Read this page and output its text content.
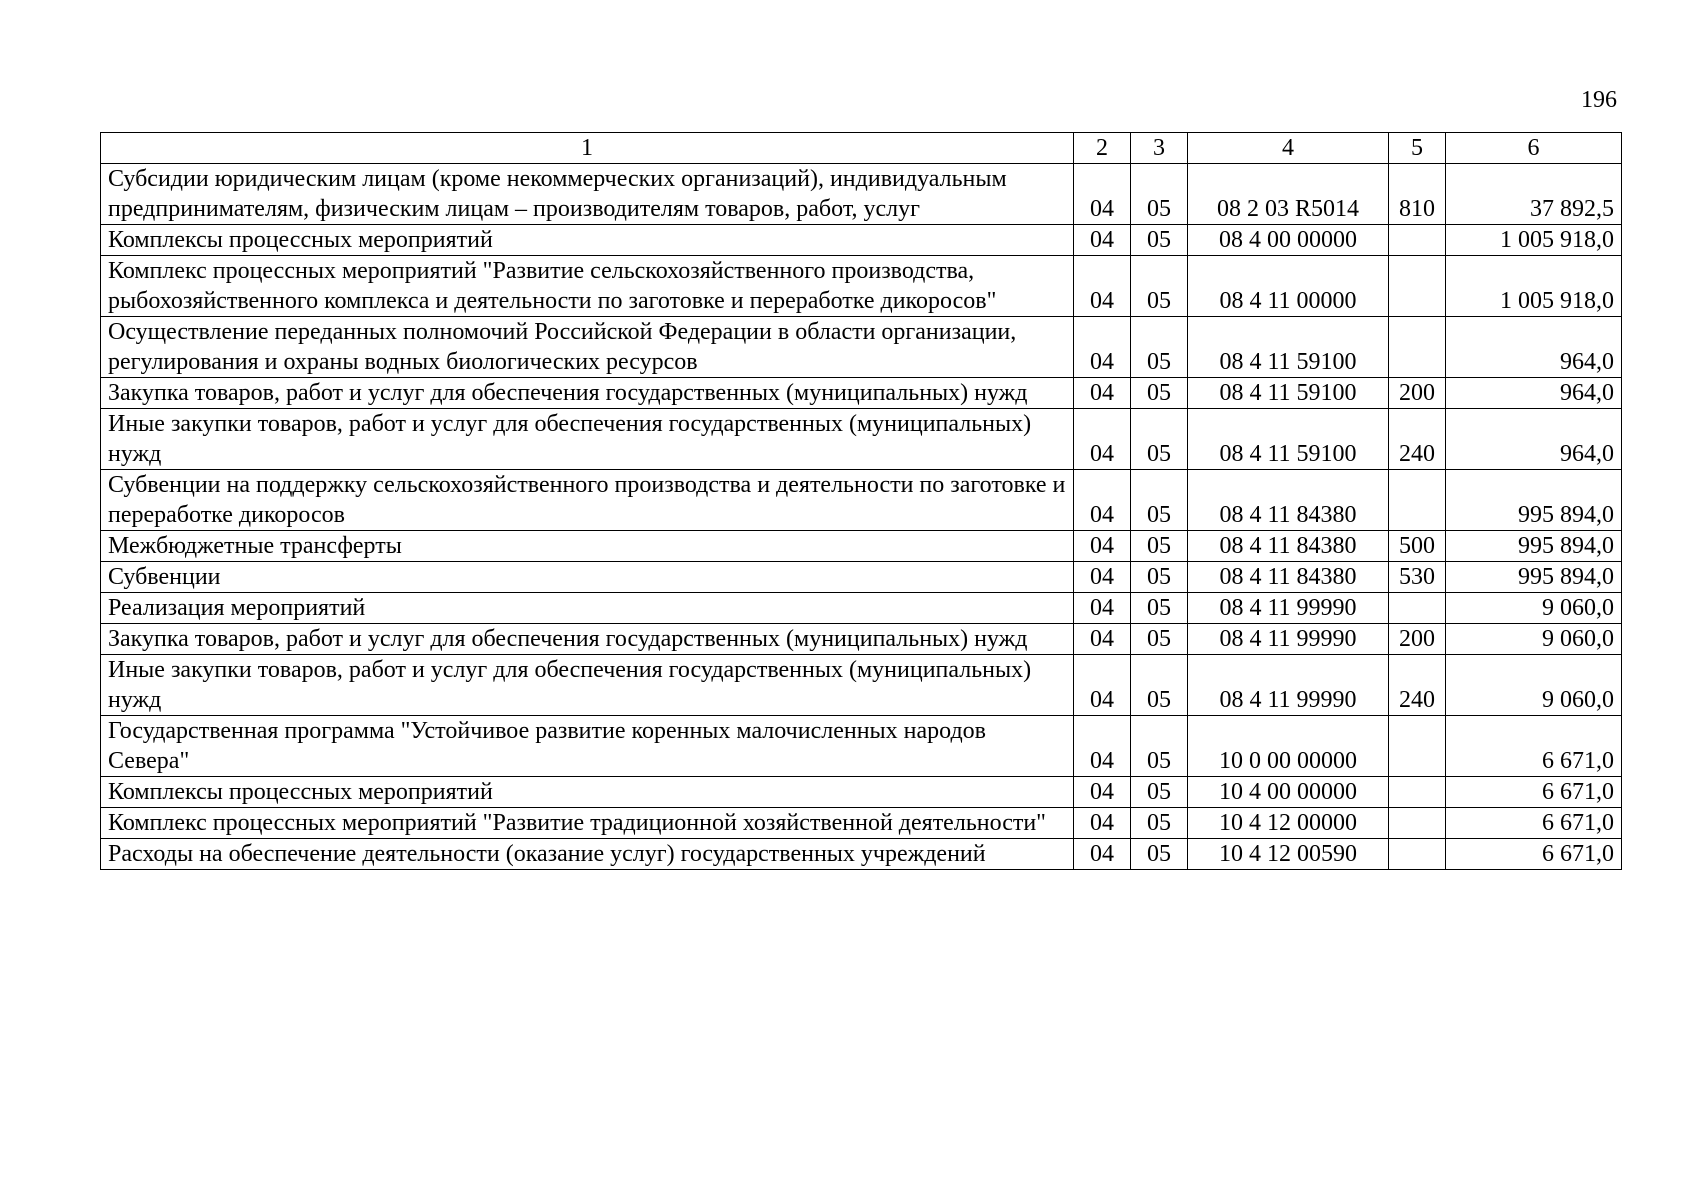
196
1	2	3	4	5	6
Субсидии юридическим лицам (кроме некоммерческих организаций), индивидуальным предпринимателям, физическим лицам – производителям товаров, работ, услуг	04	05	08 2 03 R5014	810	37 892,5
Комплексы процессных мероприятий	04	05	08 4 00 00000		1 005 918,0
Комплекс процессных мероприятий "Развитие сельскохозяйственного производства, рыбохозяйственного комплекса и деятельности по заготовке и переработке дикоросов"	04	05	08 4 11 00000		1 005 918,0
Осуществление переданных полномочий Российской Федерации в области организации, регулирования и охраны водных биологических ресурсов	04	05	08 4 11 59100		964,0
Закупка товаров, работ и услуг для обеспечения государственных (муниципальных) нужд	04	05	08 4 11 59100	200	964,0
Иные закупки товаров, работ и услуг для обеспечения государственных (муниципальных) нужд	04	05	08 4 11 59100	240	964,0
Субвенции на поддержку сельскохозяйственного производства и деятельности по заготовке и переработке дикоросов	04	05	08 4 11 84380		995 894,0
Межбюджетные трансферты	04	05	08 4 11 84380	500	995 894,0
Субвенции	04	05	08 4 11 84380	530	995 894,0
Реализация мероприятий	04	05	08 4 11 99990		9 060,0
Закупка товаров, работ и услуг для обеспечения государственных (муниципальных) нужд	04	05	08 4 11 99990	200	9 060,0
Иные закупки товаров, работ и услуг для обеспечения государственных (муниципальных) нужд	04	05	08 4 11 99990	240	9 060,0
Государственная программа "Устойчивое развитие коренных малочисленных народов Севера"	04	05	10 0 00 00000		6 671,0
Комплексы процессных мероприятий	04	05	10 4 00 00000		6 671,0
Комплекс процессных мероприятий "Развитие традиционной хозяйственной деятельности"	04	05	10 4 12 00000		6 671,0
Расходы на обеспечение деятельности (оказание услуг) государственных учреждений	04	05	10 4 12 00590		6 671,0
